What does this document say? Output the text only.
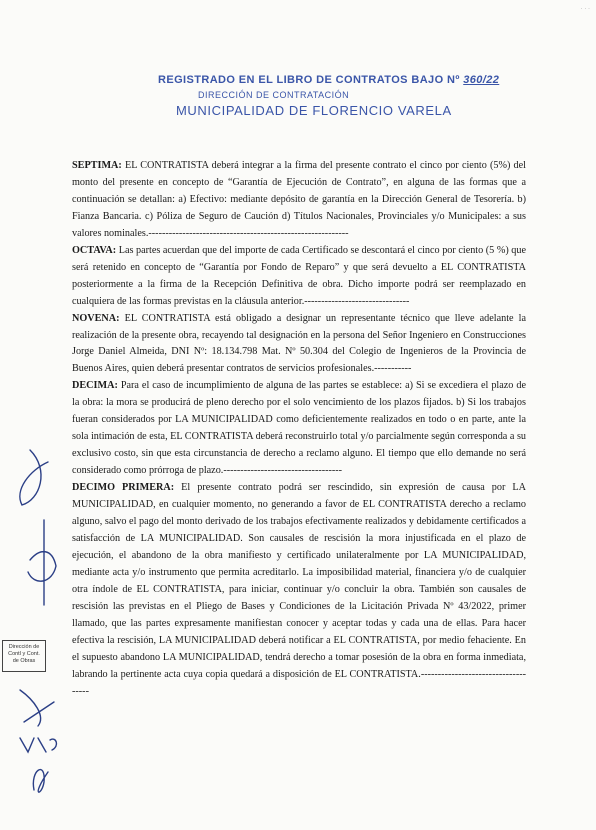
· · ·
REGISTRADO EN EL LIBRO DE CONTRATOS BAJO Nº 360/22
DIRECCIÓN DE CONTRATACIÓN
MUNICIPALIDAD DE FLORENCIO VARELA

SEPTIMA: EL CONTRATISTA deberá integrar a la firma del presente contrato el cinco por ciento (5%) del monto del presente en concepto de “Garantía de Ejecución de Contrato”, en alguna de las formas que a continuación se detallan: a) Efectivo: mediante depósito de garantía en la Dirección General de Tesorería. b) Fianza Bancaria. c) Póliza de Seguro de Caución d) Títulos Nacionales, Provinciales y/o Municipales: a sus valores nominales.-----------------------------------------------------------

OCTAVA: Las partes acuerdan que del importe de cada Certificado se descontará el cinco por ciento (5 %) que será retenido en concepto de “Garantía por Fondo de Reparo” y que será devuelto a EL CONTRATISTA posteriormente a la firma de la Recepción Definitiva de obra. Dicho importe podrá ser reemplazado en cualquiera de las formas previstas en la cláusula anterior.-------------------------------

NOVENA: EL CONTRATISTA está obligado a designar un representante técnico que lleve adelante la realización de la presente obra, recayendo tal designación en la persona del Señor Ingeniero en Construcciones Jorge Daniel Almeida, DNI Nº: 18.134.798 Mat. Nº 50.304 del Colegio de Ingenieros de la Provincia de Buenos Aires, quien deberá presentar contratos de servicios profesionales.-----------

DECIMA: Para el caso de incumplimiento de alguna de las partes se establece: a) Si se excediera el plazo de la obra: la mora se producirá de pleno derecho por el solo vencimiento de los plazos fijados. b) Si los trabajos fueran considerados por LA MUNICIPALIDAD como deficientemente realizados en todo o en parte, ante la sola intimación de esta, EL CONTRATISTA deberá reconstruirlo total y/o parcialmente según corresponda a su exclusivo costo, sin que esta circunstancia de derecho a reclamo alguno. El tiempo que ello demande no será considerado como prórroga de plazo.-----------------------------------

DECIMO PRIMERA: El presente contrato podrá ser rescindido, sin expresión de causa por LA MUNICIPALIDAD, en cualquier momento, no generando a favor de EL CONTRATISTA derecho a reclamo alguno, salvo el pago del monto derivado de los trabajos efectivamente realizados y debidamente certificados a satisfacción de LA MUNICIPALIDAD. Son causales de rescisión la mora injustificada en el plazo de ejecución, el abandono de la obra manifiesto y certificado unilateralmente por LA MUNICIPALIDAD, mediante acta y/o instrumento que permita acreditarlo. La imposibilidad material, financiera y/o de cualquier otra índole de EL CONTRATISTA, para iniciar, continuar y/o concluir la obra. También son causales de rescisión las previstas en el Pliego de Bases y Condiciones de la Licitación Privada Nº 43/2022, primer llamado, que las partes expresamente manifiestan conocer y aceptar todas y cada una de ellas. Para hacer efectiva la rescisión, LA MUNICIPALIDAD deberá notificar a EL CONTRATISTA, por medio fehaciente. En el supuesto abandono LA MUNICIPALIDAD, tendrá derecho a tomar posesión de la obra en forma inmediata, labrando la pertinente acta cuya copia quedará a disposición de EL CONTRATISTA.------------------------------------

Dirección de
Contl y Cont.
de Obras
